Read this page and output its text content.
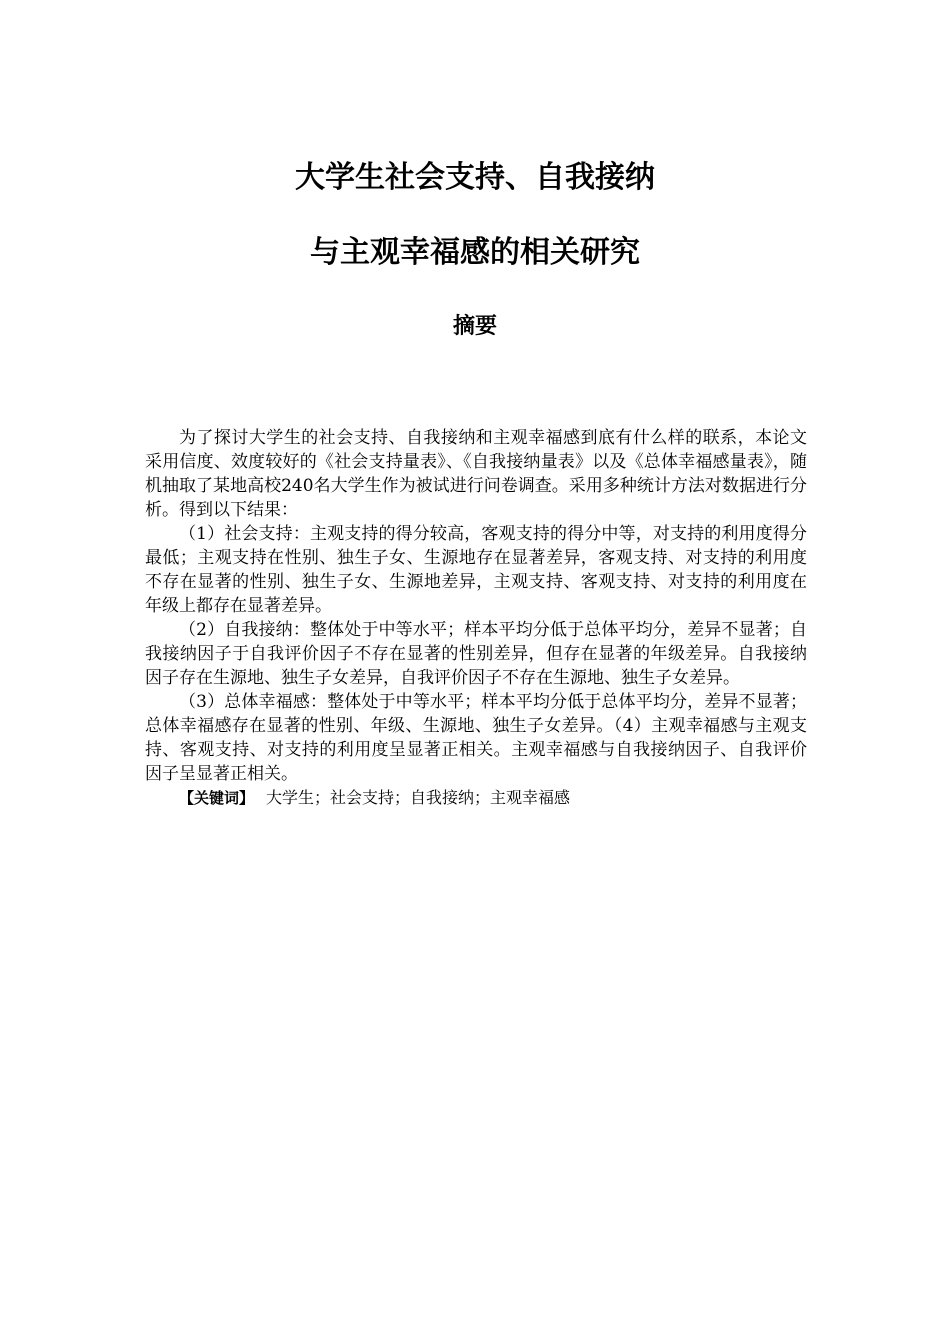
大学生社会支持、自我接纳
与主观幸福感的相关研究
摘要

为了探讨大学生的社会支持、自我接纳和主观幸福感到底有什么样的联系，本论文采用信度、效度较好的《社会支持量表》、《自我接纳量表》以及《总体幸福感量表》，随机抽取了某地高校240名大学生作为被试进行问卷调查。采用多种统计方法对数据进行分析。得到以下结果：

（1）社会支持：主观支持的得分较高，客观支持的得分中等，对支持的利用度得分最低；主观支持在性别、独生子女、生源地存在显著差异，客观支持、对支持的利用度不存在显著的性别、独生子女、生源地差异，主观支持、客观支持、对支持的利用度在年级上都存在显著差异。

（2）自我接纳：整体处于中等水平；样本平均分低于总体平均分，差异不显著；自我接纳因子于自我评价因子不存在显著的性别差异，但存在显著的年级差异。自我接纳因子存在生源地、独生子女差异，自我评价因子不存在生源地、独生子女差异。

（3）总体幸福感：整体处于中等水平；样本平均分低于总体平均分，差异不显著；总体幸福感存在显著的性别、年级、生源地、独生子女差异。（4）主观幸福感与主观支持、客观支持、对支持的利用度呈显著正相关。主观幸福感与自我接纳因子、自我评价因子呈显著正相关。

【关键词】 大学生；社会支持；自我接纳；主观幸福感
